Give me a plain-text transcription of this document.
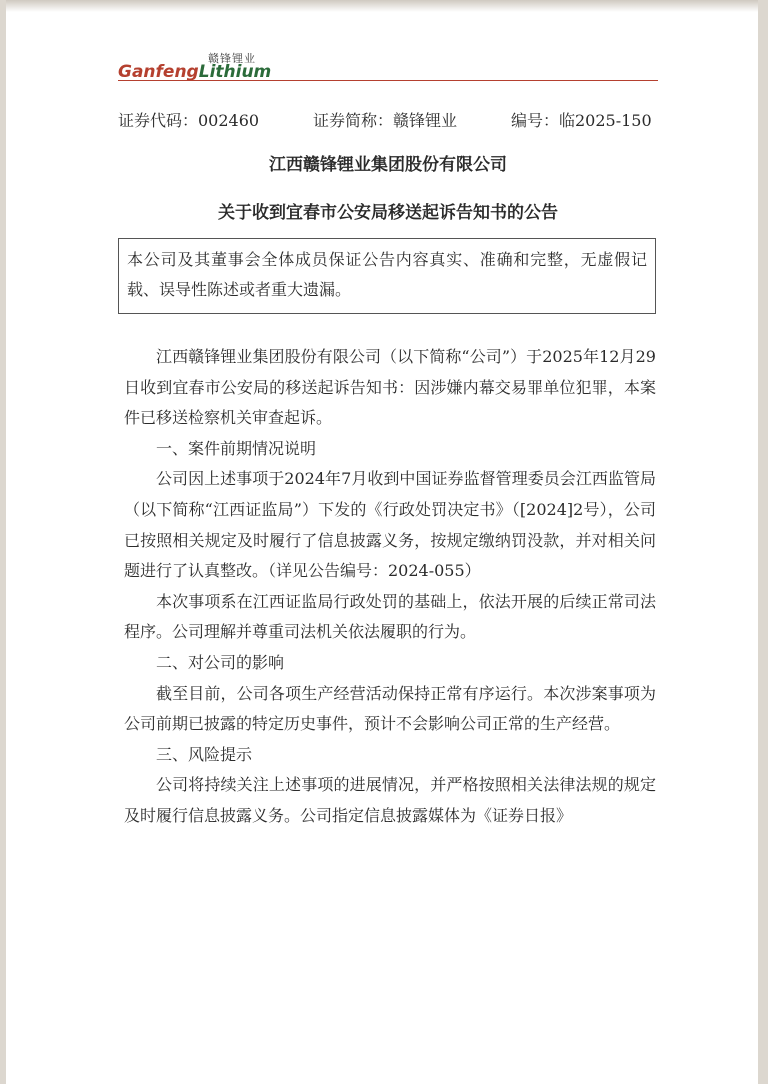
赣锋锂业
GanfengLithium
证券代码：002460	证券简称：赣锋锂业	编号：临2025-150
江西赣锋锂业集团股份有限公司
关于收到宜春市公安局移送起诉告知书的公告
本公司及其董事会全体成员保证公告内容真实、准确和完整，无虚假记载、误导性陈述或者重大遗漏。

江西赣锋锂业集团股份有限公司（以下简称“公司”）于2025年12月29日收到宜春市公安局的移送起诉告知书：因涉嫌内幕交易罪单位犯罪，本案件已移送检察机关审查起诉。

一、案件前期情况说明

公司因上述事项于2024年7月收到中国证券监督管理委员会江西监管局（以下简称“江西证监局”）下发的《行政处罚决定书》（[2024]2号），公司已按照相关规定及时履行了信息披露义务，按规定缴纳罚没款，并对相关问题进行了认真整改。（详见公告编号：2024-055）

本次事项系在江西证监局行政处罚的基础上，依法开展的后续正常司法程序。公司理解并尊重司法机关依法履职的行为。

二、对公司的影响

截至目前，公司各项生产经营活动保持正常有序运行。本次涉案事项为公司前期已披露的特定历史事件，预计不会影响公司正常的生产经营。

三、风险提示

公司将持续关注上述事项的进展情况，并严格按照相关法律法规的规定及时履行信息披露义务。公司指定信息披露媒体为《证券日报》
